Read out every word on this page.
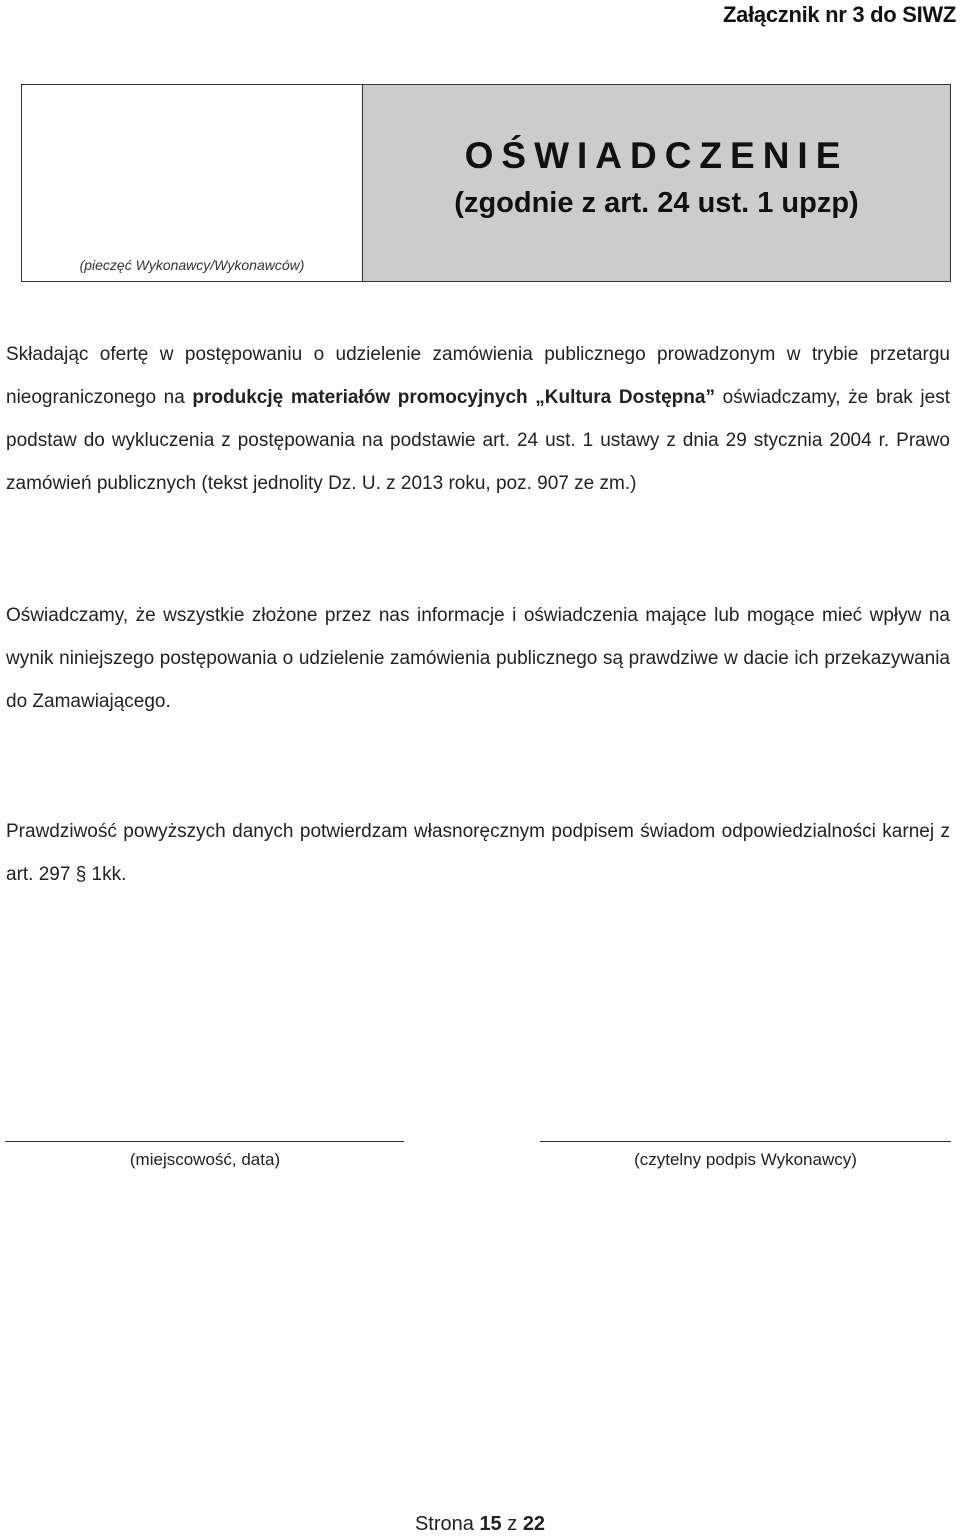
Załącznik nr 3 do SIWZ
(pieczęć Wykonawcy/Wykonawców)
OŚWIADCZENIE
(zgodnie z art. 24 ust. 1 upzp)
Składając ofertę w postępowaniu o udzielenie zamówienia publicznego prowadzonym w trybie przetargu nieograniczonego na produkcję materiałów promocyjnych „Kultura Dostępna” oświadczamy, że brak jest podstaw do wykluczenia z postępowania na podstawie art. 24 ust. 1 ustawy z dnia 29 stycznia 2004 r. Prawo zamówień publicznych (tekst jednolity Dz. U. z 2013 roku, poz. 907 ze zm.)
Oświadczamy, że wszystkie złożone przez nas informacje i oświadczenia mające lub mogące mieć wpływ na wynik niniejszego postępowania o udzielenie zamówienia publicznego są prawdziwe w dacie ich przekazywania do Zamawiającego.
Prawdziwość powyższych danych potwierdzam własnoręcznym podpisem świadom odpowiedzialności karnej z art. 297 § 1kk.
(miejscowość, data)	(czytelny podpis Wykonawcy)
Strona 15 z 22
